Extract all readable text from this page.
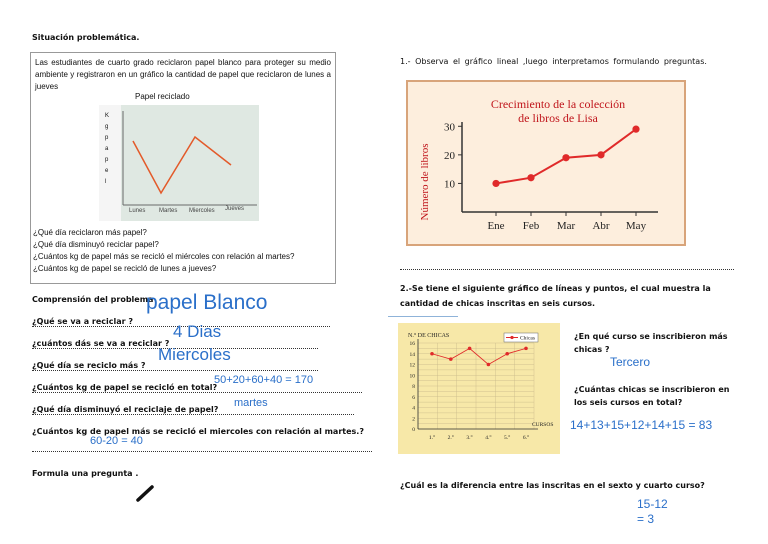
Situación problemática.
Las estudiantes de cuarto grado reciclaron papel blanco para proteger su medio ambiente y registraron en un gráfico la cantidad de papel que reciclaron de lunes a jueves
Papel reciclado
K
g
p
a
p
e
l
Lunes Martes Miercoles Jueves
¿Qué día reciclaron más papel?
¿Qué día disminuyó reciclar papel?
¿Cuántos kg de papel más se recicló el miércoles con relación al martes?
¿Cuántos kg de papel se recicló de lunes a jueves?
Comprensión del problema
¿Qué se va a reciclar ?
papel Blanco
¿cuántos dás se va a reciclar ?
4 Dias
¿Qué día se reciclo más ?
Miercoles
¿Cuántos kg de papel se recicló en total?
50+20+60+40 = 170
¿Qué día disminuyó el reciclaje de papel?
martes
¿Cuántos kg de papel más se recicló el miercoles con relación al martes.?
60-20 = 40
Formula una pregunta .
1.- Observa el gráfico lineal ,luego interpretamos formulando preguntas.
Crecimiento de la colección
de libros de Lisa
Número de libros 10
20
30
Ene Feb Mar Abr May
2.-Se tiene el siguiente gráfico de líneas y puntos, el cual muestra la cantidad de chicas inscritas en seis cursos.
N.° DE CHICAS
0
2
4
6
8
10
12
14
16
1.° 2.° 3.° 4.° 5.° 6.°
CURSOS
Chicas	¿En qué curso se inscribieron más chicas ?
Tercero
¿Cuántas chicas se inscribieron en los seis cursos en total?
14+13+15+12+14+15 = 83
¿Cuál es la diferencia entre las inscritas en el sexto y cuarto curso?
15-12
= 3
